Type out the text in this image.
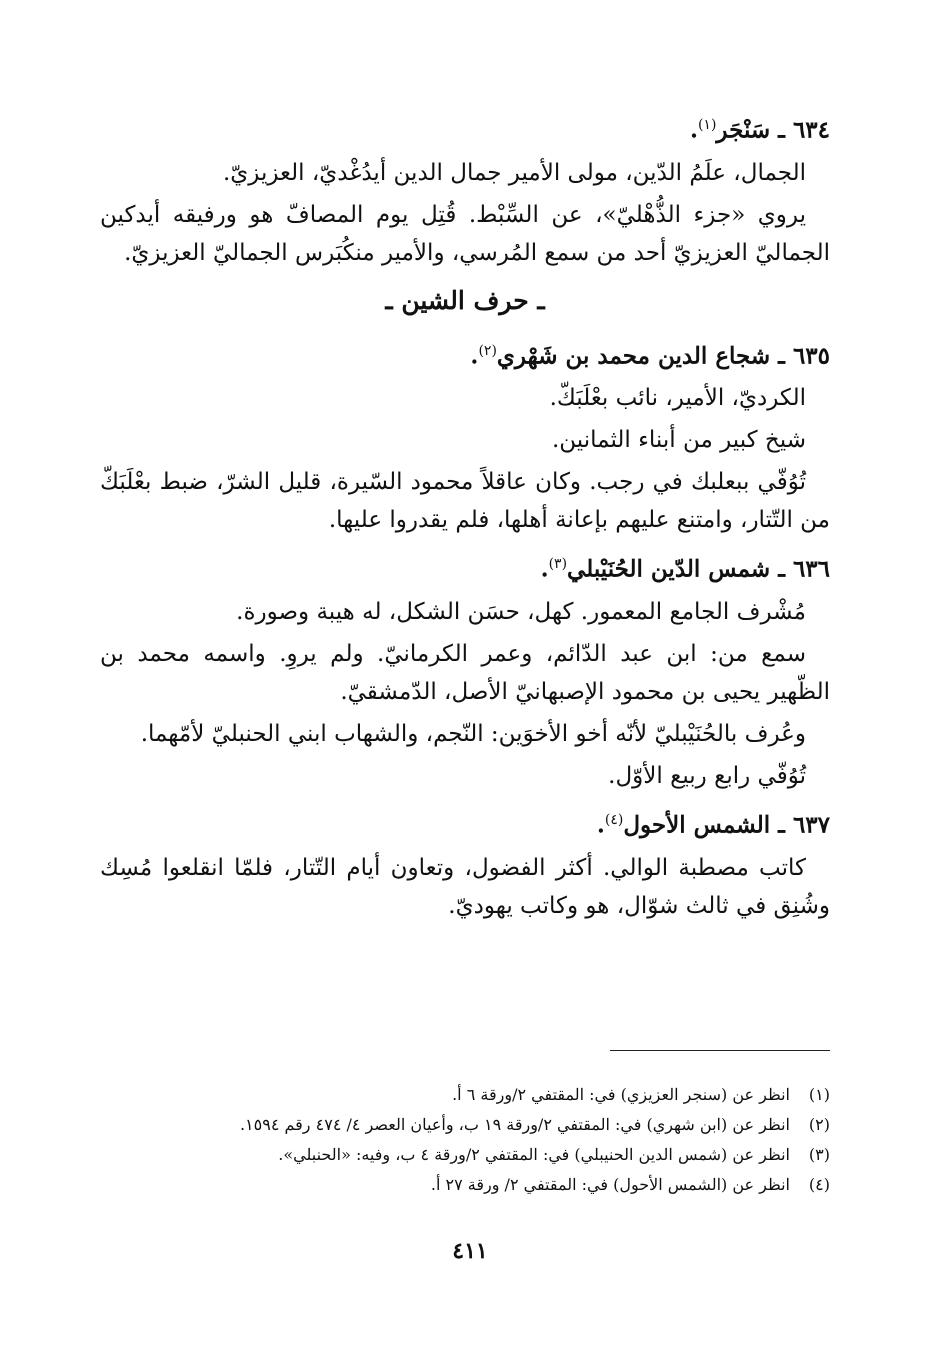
٦٣٤ ـ سَنْجَر$^{(١)}$.

الجمال، علَمُ الدّين، مولى الأمير جمال الدين أيدُغْديّ، العزيزيّ.

يروي «جزء الذُّهْليّ»، عن السِّبْط. قُتِل يوم المصافّ هو ورفيقه أيدكين الجماليّ العزيزيّ أحد من سمع المُرسي، والأمير منكُبَرس الجماليّ العزيزيّ.

ـ حرف الشين ـ

٦٣٥ ـ شجاع الدين محمد بن شَهْري$^{(٢)}$.

الكرديّ، الأمير، نائب بعْلَبَكّ.

شيخ كبير من أبناء الثمانين.

تُوُفّي ببعلبك في رجب. وكان عاقلاً محمود السّيرة، قليل الشرّ، ضبط بعْلَبَكّ من التّتار، وامتنع عليهم بإعانة أهلها، فلم يقدروا عليها.

٦٣٦ ـ شمس الدّين الحُنَيْبلي$^{(٣)}$.

مُشْرف الجامع المعمور. كهل، حسَن الشكل، له هيبة وصورة.

سمع من: ابن عبد الدّائم، وعمر الكرمانيّ. ولم يروِ. واسمه محمد بن الظّهير يحيى بن محمود الإصبهانيّ الأصل، الدّمشقيّ.

وعُرف بالحُنَيْبليّ لأنّه أخو الأخوَين: النّجم، والشهاب ابني الحنبليّ لأمّهما.

تُوُفّي رابع ربيع الأوّل.

٦٣٧ ـ الشمس الأحول$^{(٤)}$.

كاتب مصطبة الوالي. أكثر الفضول، وتعاون أيام التّتار، فلمّا انقلعوا مُسِك وشُنِق في ثالث شوّال، هو وكاتب يهوديّ.

(١)انظر عن (سنجر العزيزي) في: المقتفي ٢/ورقة ٦ أ.

(٢)انظر عن (ابن شهري) في: المقتفي ٢/ورقة ١٩ ب، وأعيان العصر ٤/ ٤٧٤ رقم ١٥٩٤.

(٣)انظر عن (شمس الدين الحنيبلي) في: المقتفي ٢/ورقة ٤ ب، وفيه: «الحنبلي».

(٤)انظر عن (الشمس الأحول) في: المقتفي ٢/ ورقة ٢٧ أ.

٤١١
